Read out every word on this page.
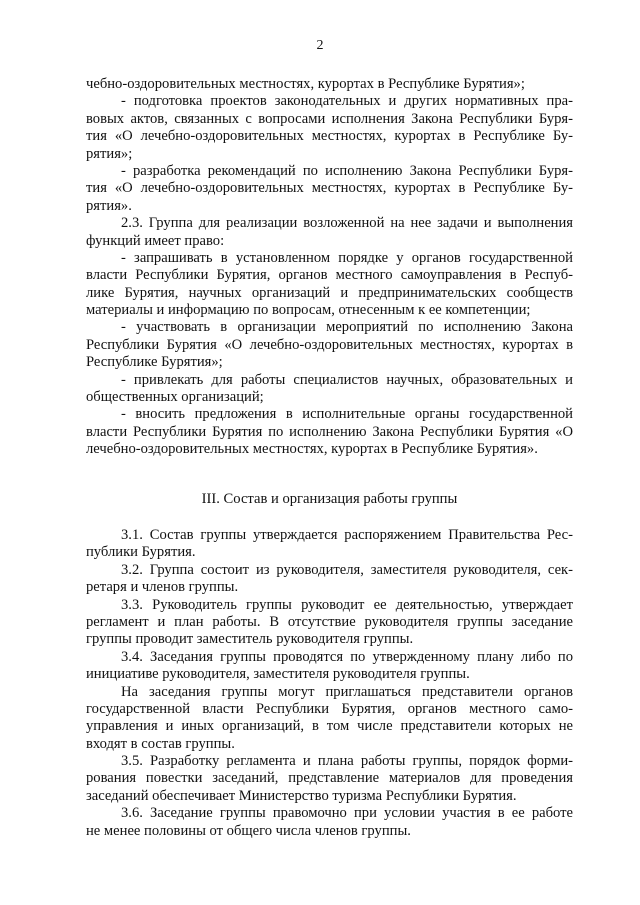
2
чебно-оздоровительных местностях, курортах в Республике Бурятия»;
- подготовка проектов законодательных и других нормативных пра-
вовых актов, связанных с вопросами исполнения Закона Республики Буря-
тия «О лечебно-оздоровительных местностях, курортах в Республике Бу-
рятия»;
- разработка рекомендаций по исполнению Закона Республики Буря-
тия «О лечебно-оздоровительных местностях, курортах в Республике Бу-
рятия».
2.3. Группа для реализации возложенной на нее задачи и выполнения
функций имеет право:
- запрашивать в установленном порядке у органов государственной
власти Республики Бурятия, органов местного самоуправления в Респуб-
лике Бурятия, научных организаций и предпринимательских сообществ
материалы и информацию по вопросам, отнесенным к ее компетенции;
- участвовать в организации мероприятий по исполнению Закона
Республики Бурятия «О лечебно-оздоровительных местностях, курортах в
Республике Бурятия»;
- привлекать для работы специалистов научных, образовательных и
общественных организаций;
- вносить предложения в исполнительные органы государственной
власти Республики Бурятия по исполнению Закона Республики Бурятия «О
лечебно-оздоровительных местностях, курортах в Республике Бурятия».
III. Состав и организация работы группы
3.1. Состав группы утверждается распоряжением Правительства Рес-
публики Бурятия.
3.2. Группа состоит из руководителя, заместителя руководителя, сек-
ретаря и членов группы.
3.3. Руководитель группы руководит ее деятельностью, утверждает
регламент и план работы. В отсутствие руководителя группы заседание
группы проводит заместитель руководителя группы.
3.4. Заседания группы проводятся по утвержденному плану либо по
инициативе руководителя, заместителя руководителя группы.
На заседания группы могут приглашаться представители органов
государственной власти Республики Бурятия, органов местного само-
управления и иных организаций, в том числе представители которых не
входят в состав группы.
3.5. Разработку регламента и плана работы группы, порядок форми-
рования повестки заседаний, представление материалов для проведения
заседаний обеспечивает Министерство туризма Республики Бурятия.
3.6. Заседание группы правомочно при условии участия в ее работе
не менее половины от общего числа членов группы.
